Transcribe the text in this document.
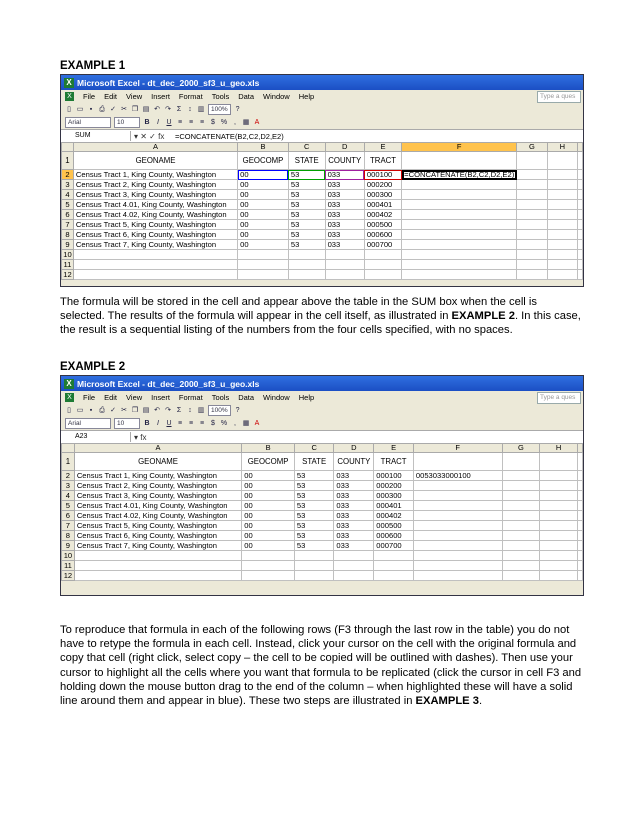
EXAMPLE 1
X Microsoft Excel - dt_dec_2000_sf3_u_geo.xls
X File Edit View Insert Format Tools Data Window Help	Type a ques
▯ ▭ ▪ ⎙ ✓ ✂ ❐ ▤ ↶ ↷ Σ	↕ ▥	100%	?
Arial	10	B	I	U ≡ ≡ ≡ $ % , ▦ A
SUM	▾ ✕ ✓ fx	=CONCATENATE(B2,C2,D2,E2)
	A	B	C	D	E	F	G	H	
1	GEONAME	GEOCOMP	STATE	COUNTY	TRACT				
2	Census Tract 1, King County, Washington	00	53	033	000100	=CONCATENATE(B2,C2,D2,E2)			
3	Census Tract 2, King County, Washington	00	53	033	000200				
4	Census Tract 3, King County, Washington	00	53	033	000300				
5	Census Tract 4.01, King County, Washington	00	53	033	000401				
6	Census Tract 4.02, King County, Washington	00	53	033	000402				
7	Census Tract 5, King County, Washington	00	53	033	000500				
8	Census Tract 6, King County, Washington	00	53	033	000600				
9	Census Tract 7, King County, Washington	00	53	033	000700				
10									
11									
12									
The formula will be stored in the cell and appear above the table in the SUM box when the cell is selected. The results of the formula will appear in the cell itself, as illustrated in EXAMPLE 2. In this case, the result is a sequential listing of the numbers from the four cells specified, with no spaces.
EXAMPLE 2
X Microsoft Excel - dt_dec_2000_sf3_u_geo.xls
X File Edit View Insert Format Tools Data Window Help	Type a ques
▯ ▭ ▪ ⎙ ✓ ✂ ❐ ▤ ↶ ↷ Σ	↕ ▥	100%	?
Arial	10	B	I	U ≡ ≡ ≡ $ % , ▦ A
A23	▾ fx
	A	B	C	D	E	F	G	H	
1	GEONAME	GEOCOMP	STATE	COUNTY	TRACT				
2	Census Tract 1, King County, Washington	00	53	033	000100	0053033000100			
3	Census Tract 2, King County, Washington	00	53	033	000200				
4	Census Tract 3, King County, Washington	00	53	033	000300				
5	Census Tract 4.01, King County, Washington	00	53	033	000401				
6	Census Tract 4.02, King County, Washington	00	53	033	000402				
7	Census Tract 5, King County, Washington	00	53	033	000500				
8	Census Tract 6, King County, Washington	00	53	033	000600				
9	Census Tract 7, King County, Washington	00	53	033	000700				
10									
11									
12									
To reproduce that formula in each of the following rows (F3 through the last row in the table) you do not have to retype the formula in each cell. Instead, click your cursor on the cell with the original formula and copy that cell (right click, select copy – the cell to be copied will be outlined with dashes). Then use your cursor to highlight all the cells where you want that formula to be replicated (click the cursor in cell F3 and holding down the mouse button drag to the end of the column – when highlighted these will have a solid line around them and appear in blue). These two steps are illustrated in EXAMPLE 3.
